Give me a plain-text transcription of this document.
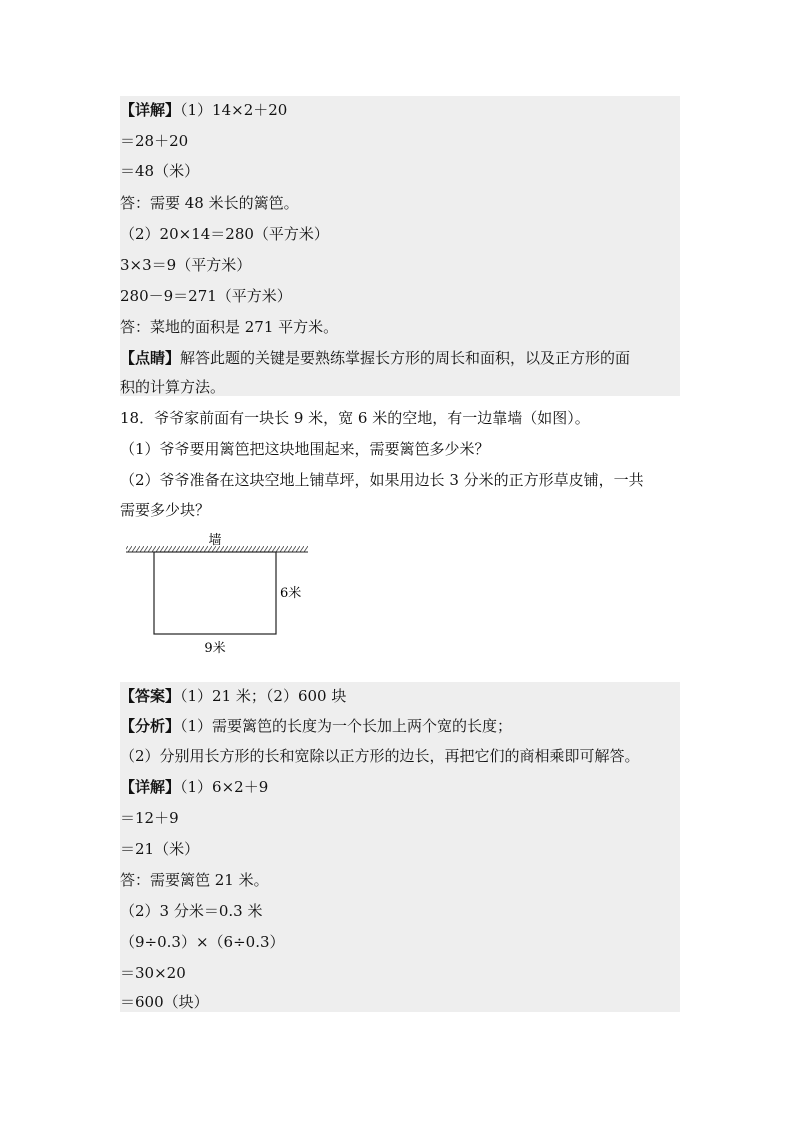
【详解】（1）14×2＋20
＝28＋20
＝48（米）
答：需要 48 米长的篱笆。
（2）20×14＝280（平方米）
3×3＝9（平方米）
280－9＝271（平方米）
答：菜地的面积是 271 平方米。
【点睛】解答此题的关键是要熟练掌握长方形的周长和面积，以及正方形的面
积的计算方法。
18．爷爷家前面有一块长 9 米，宽 6 米的空地，有一边靠墙（如图）。
（1）爷爷要用篱笆把这块地围起来，需要篱笆多少米？
（2）爷爷准备在这块空地上铺草坪，如果用边长 3 分米的正方形草皮铺，一共
需要多少块？
墙
6米
9米
【答案】（1）21 米；（2）600 块
【分析】（1）需要篱笆的长度为一个长加上两个宽的长度；
（2）分别用长方形的长和宽除以正方形的边长，再把它们的商相乘即可解答。
【详解】（1）6×2＋9
＝12＋9
＝21（米）
答：需要篱笆 21 米。
（2）3 分米＝0.3 米
（9÷0.3）×（6÷0.3）
＝30×20
＝600（块）
